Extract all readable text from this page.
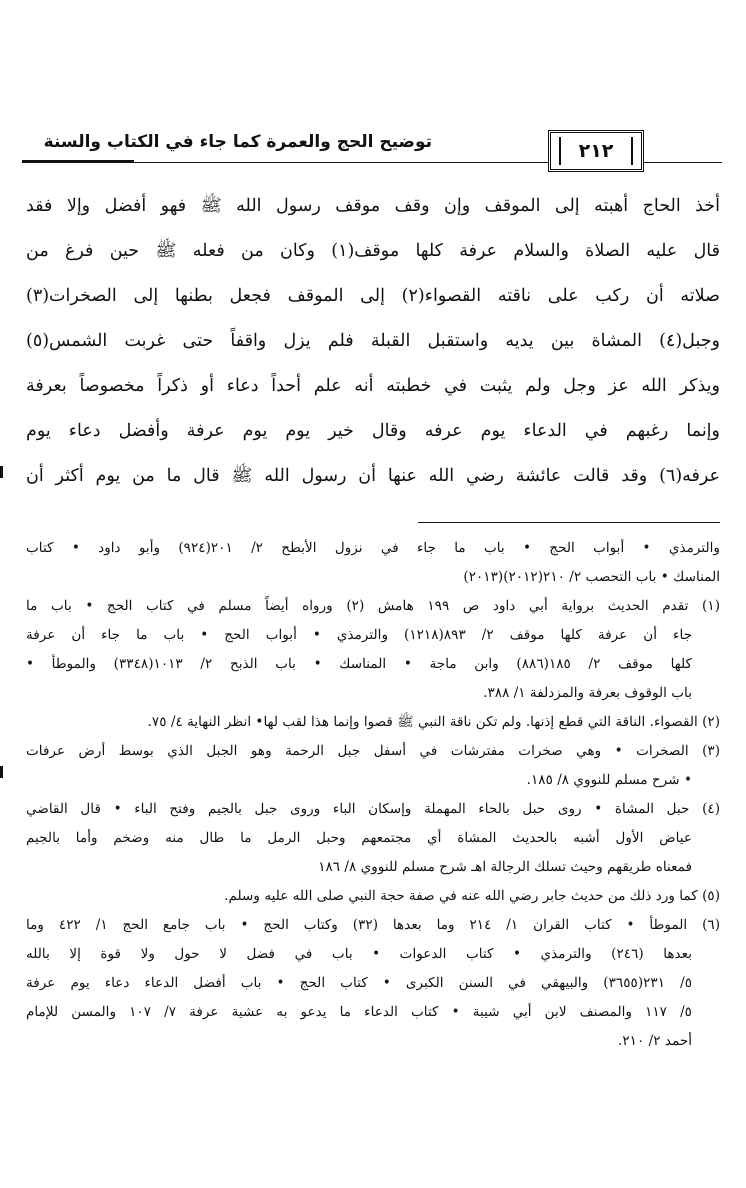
توضيح الحج والعمرة كما جاء في الكتاب والسنة	٢١٢
أخذ الحاج أهبته إلى الموقف وإن وقف موقف رسول الله ﷺ فهو أفضل وإلا فقد
قال عليه الصلاة والسلام عرفة كلها موقف(١) وكان من فعله ﷺ حين فرغ من
صلاته أن ركب على ناقته القصواء(٢) إلى الموقف فجعل بطنها إلى الصخرات(٣)
وجبل(٤) المشاة بين يديه واستقبل القبلة فلم يزل واقفاً حتى غربت الشمس(٥)
ويذكر الله عز وجل ولم يثبت في خطبته أنه علم أحداً دعاء أو ذكراً مخصوصاً بعرفة
وإنما رغبهم في الدعاء يوم عرفه وقال خير يوم يوم عرفة وأفضل دعاء يوم
عرفه(٦) وقد قالت عائشة رضي الله عنها أن رسول الله ﷺ قال ما من يوم أكثر أن
والترمذي • أبواب الحج • باب ما جاء في نزول الأبطح ٢/ ٢٠١(٩٢٤) وأبو داود • كتاب
المناسك • باب التحصب ٢/ ٢١٠(٢٠١٢)(٢٠١٣)
(١) تقدم الحديث برواية أبي داود ص ١٩٩ هامش (٢) ورواه أيضاً مسلم في كتاب الحج • باب ما
جاء أن عرفة كلها موقف ٢/ ٨٩٣(١٢١٨) والترمذي • أبواب الحج • باب ما جاء أن عرفة
كلها موقف ٢/ ١٨٥(٨٨٦) وابن ماجة • المناسك • باب الذبح ٢/ ١٠١٣(٣٣٤٨) والموطأ •
باب الوقوف بعرفة والمزدلفة ١/ ٣٨٨.
(٢) القصواء. الناقة التي قطع إذنها. ولم تكن ناقة النبي ﷺ قصوا وإنما هذا لقب لها• انظر النهاية ٤/ ٧٥.
(٣) الصخرات • وهي صخرات مفترشات في أسفل جبل الرحمة وهو الجبل الذي بوسط أرض عرفات
• شرح مسلم للنووي ٨/ ١٨٥.
(٤) حبل المشاة • روى حبل بالحاء المهملة وإسكان الباء وروى جبل بالجيم وفتح الباء • قال القاضي
عياض الأول أشبه بالحديث المشاة أي مجتمعهم وحبل الرمل ما طال منه وضخم وأما بالجيم
فمعناه طريقهم وحيث تسلك الرجالة اهـ شرح مسلم للنووي ٨/ ١٨٦
(٥) كما ورد ذلك من حديث جابر رضي الله عنه في صفة حجة النبي صلى الله عليه وسلم.
(٦) الموطأ • كتاب القران ١/ ٢١٤ وما بعدها (٣٢) وكتاب الحج • باب جامع الحج ١/ ٤٢٢ وما
بعدها (٢٤٦) والترمذي • كتاب الدعوات • باب في فضل لا حول ولا قوة إلا بالله
٥/ ٢٣١(٣٦٥٥) والبيهقي في السنن الكبرى • كتاب الحج • باب أفضل الدعاء دعاء يوم عرفة
٥/ ١١٧ والمصنف لابن أبي شيبة • كتاب الدعاء ما يدعو به عشية عرفة ٧/ ١٠٧ والمسن للإمام
أحمد ٢/ ٢١٠.
